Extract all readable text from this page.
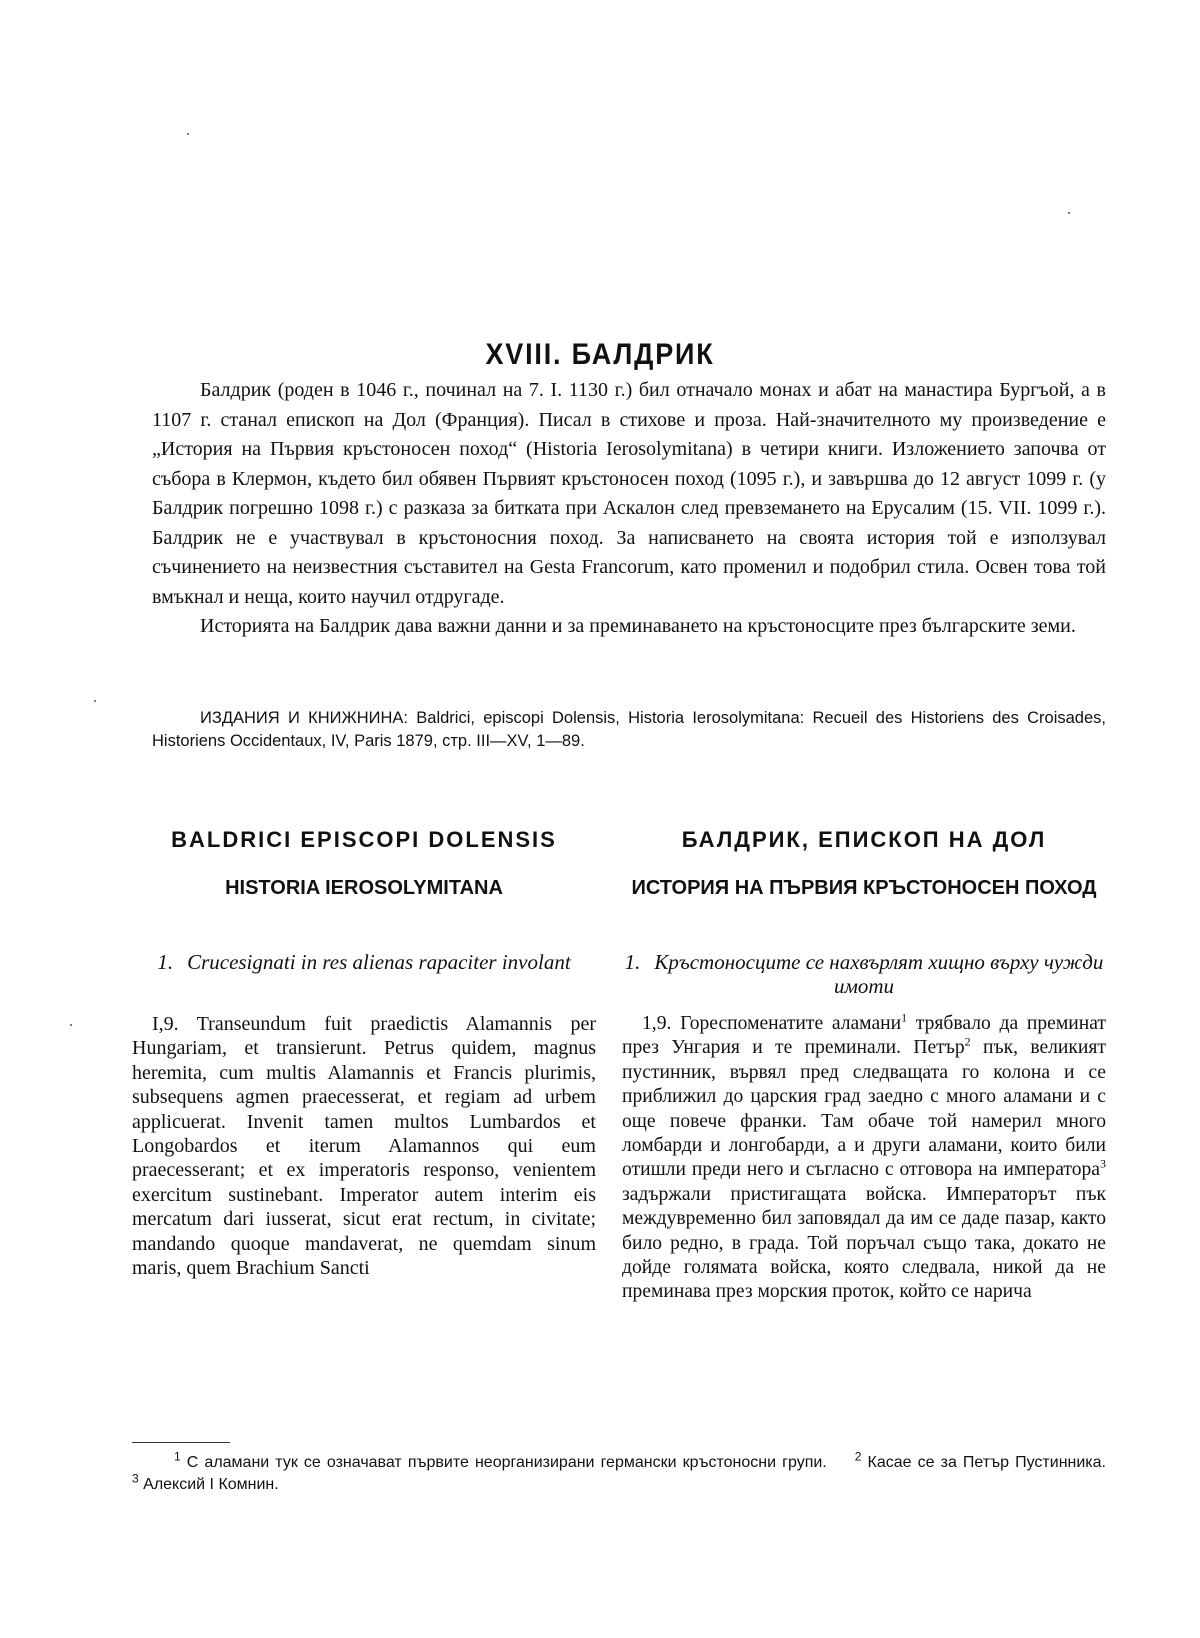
XVIII. БАЛДРИК

Балдрик (роден в 1046 г., починал на 7. I. 1130 г.) бил отначало монах и абат на манастира Бургъой, а в 1107 г. станал епископ на Дол (Франция). Писал в стихове и проза. Най-значителното му произведение е „История на Първия кръстоносен поход“ (Historia Ierosolymitana) в четири книги. Изложението започва от събора в Клермон, където бил обявен Първият кръстоносен поход (1095 г.), и завършва до 12 август 1099 г. (у Балдрик погрешно 1098 г.) с разказа за битката при Аскалон след превземането на Ерусалим (15. VII. 1099 г.). Балдрик не е участвувал в кръстоносния поход. За написването на своята история той е използувал съчинението на неизвестния съставител на Gesta Francorum, като променил и подобрил стила. Освен това той вмъкнал и неща, които научил отдругаде.

Историята на Балдрик дава важни данни и за преминаването на кръстоносците през българските земи.

ИЗДАНИЯ И КНИЖНИНА: Baldrici, episcopi Dolensis, Historia Ierosolymitana: Recueil des Historiens des Croisades, Historiens Occidentaux, IV, Paris 1879, стр. III—XV, 1—89.

BALDRICI EPISCOPI DOLENSIS
HISTORIA IEROSOLYMITANA

1. Crucesignati in res alienas rapaciter involant

I,9. Transeundum fuit praedictis Alamannis per Hungariam, et transierunt. Petrus quidem, magnus heremita, cum multis Alamannis et Francis plurimis, subsequens agmen praecesserat, et regiam ad urbem applicuerat. Invenit tamen multos Lumbardos et Longobardos et iterum Alamannos qui eum praecesserant; et ex imperatoris responso, venientem exercitum sustinebant. Imperator autem interim eis mercatum dari iusserat, sicut erat rectum, in civitate; mandando quoque mandaverat, ne quemdam sinum maris, quem Brachium Sancti

БАЛДРИК, ЕПИСКОП НА ДОЛ
ИСТОРИЯ НА ПЪРВИЯ КРЪСТОНОСЕН ПОХОД

1. Кръстоносците се нахвърлят хищно върху чужди имоти

1,9. Гореспоменатите аламани$^1$ трябвало да преминат през Унгария и те преминали. Петър$^2$ пък, великият пустинник, вървял пред следващата го колона и се приближил до царския град заедно с много аламани и с още повече франки. Там обаче той намерил много ломбарди и лонгобарди, а и други аламани, които били отишли преди него и съгласно с отговора на императора$^3$ задържали пристигащата войска. Императорът пък междувременно бил заповядал да им се даде пазар, както било редно, в града. Той поръчал също така, докато не дойде голямата войска, която следвала, никой да не преминава през морския проток, който се нарича

$^1$ С аламани тук се означават първите неорганизирани германски кръстоносни групи. $^2$ Касае се за Петър Пустинника.$^3$ Алексий I Комнин.
